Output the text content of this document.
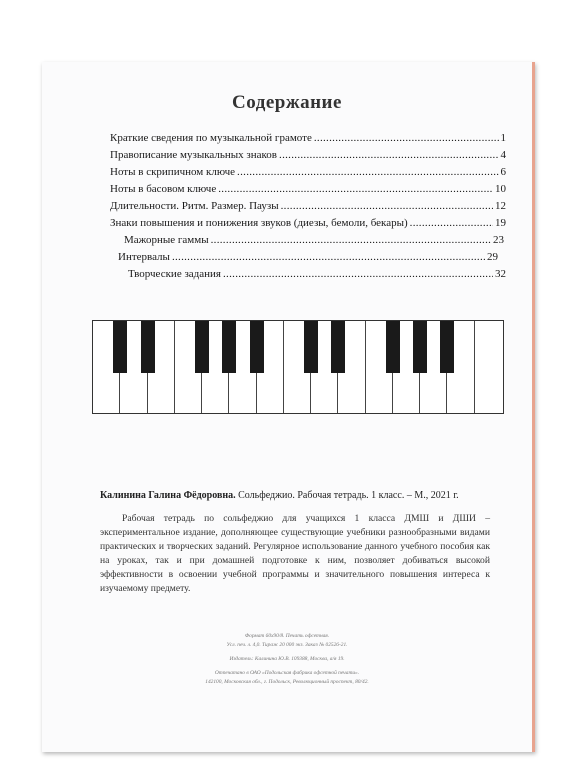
Содержание
Краткие сведения по музыкальной грамоте .....	1
Правописание музыкальных знаков .....	4
Ноты в скрипичном ключе .....	6
Ноты в басовом ключе .....	10
Длительности. Ритм. Размер. Паузы .....	12
Знаки повышения и понижения звуков (диезы, бемоли, бекары) .....	19
Мажорные гаммы .....	23
Интервалы .....	29
Творческие задания .....	32
Калинина Галина Фёдоровна. Сольфеджио. Рабочая тетрадь. 1 класс. – М., 2021 г.
Рабочая тетрадь по сольфеджио для учащихся 1 класса ДМШ и ДШИ – экспериментальное издание, дополняющее существующие учебники разнообразными видами практических и творческих заданий. Регулярное использование данного учебного пособия как на уроках, так и при домашней подготовке к ним, позволяет добиваться высокой эффективности в освоении учебной программы и значительного повышения интереса к изучаемому предмету.
Формат 60х90/8. Печать офсетная.
Усл. печ. л. 4,0. Тираж 20 000 экз. Заказ № 02526-21.
Издатель: Калинина Ю.В. 109388, Москва, а/я 19.
Отпечатано в ОАО «Подольская фабрика офсетной печати».
142100, Московская обл., г. Подольск, Революционный проспект, 80/42.
